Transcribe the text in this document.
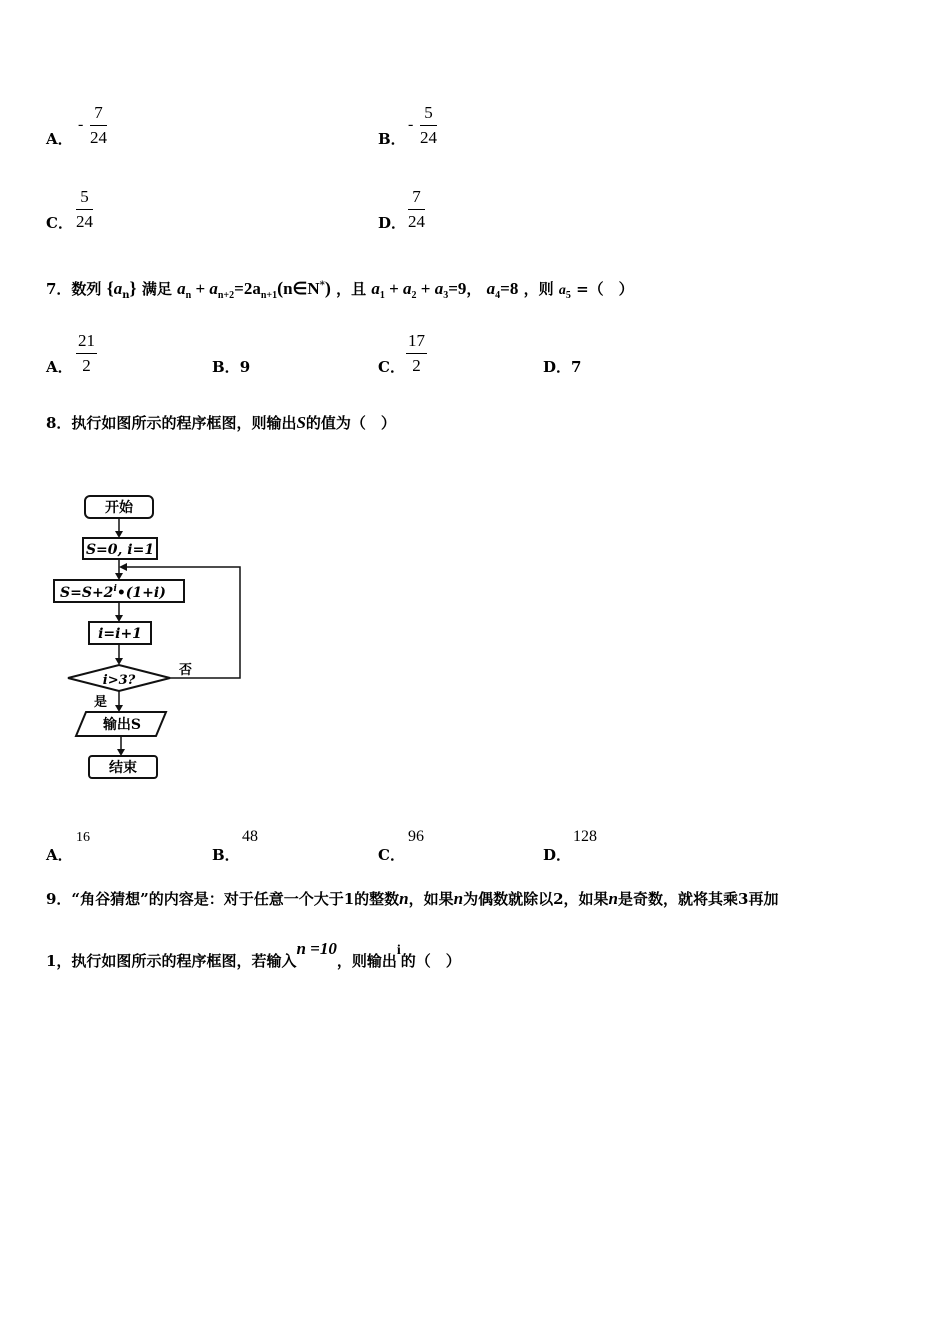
A．
-
7
24	B．
-
5
24
C．
5
24	D．
7
24
7．数列 $\{a_n\}$ 满足 $a_n$ + $a_{n+2}=2a_{n+1}(n\in N^*)$ ，且 $a_1 + a_2 + a_3=9$， $a_4=8$ ，则 $a_5$ =（　）
A．
21
2	B．9	C．
17
2	D．7
8．执行如图所示的程序框图，则输出S的值为（　）
开始
S=0, i=1
$S=S+2^i•(1+i)$
i=i+1
i>3?
否
是
输出S
结束
A．
16
B．
48
C．
96
D．
128
9．“角谷猜想”的内容是：对于任意一个大于1的整数n，如果n为偶数就除以2，如果n是奇数，就将其乘3再加
1，执行如图所示的程序框图，若输入n =10，则输出i的（　）
